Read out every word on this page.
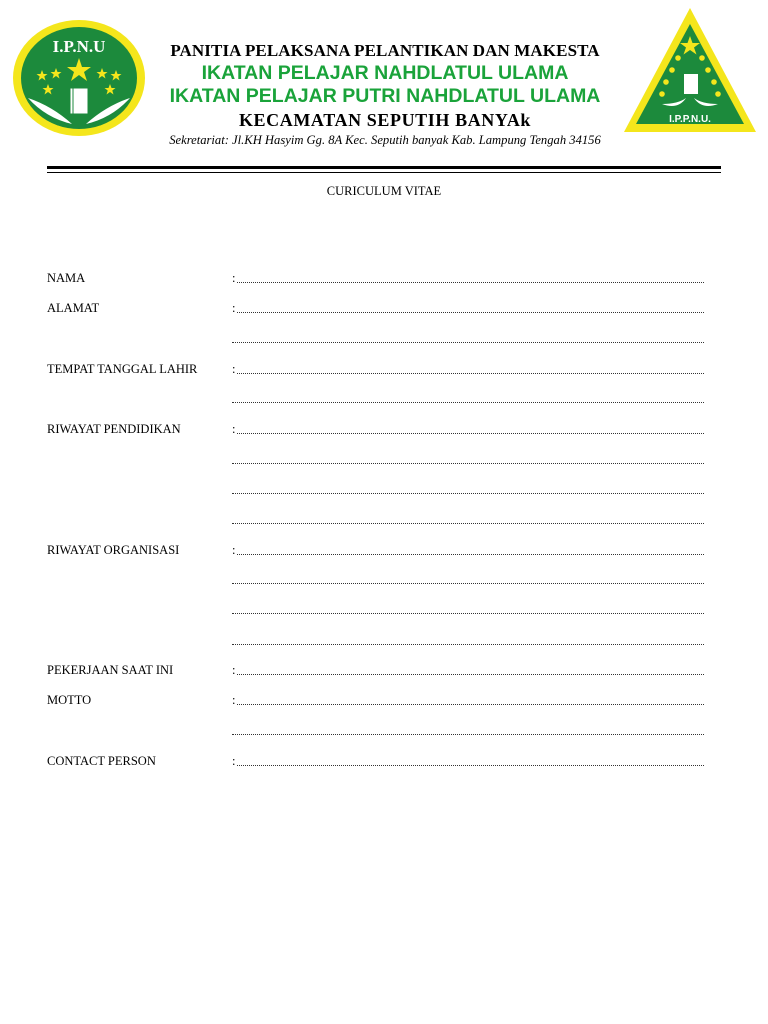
I.P.N.U
I.P.P.N.U.
PANITIA PELAKSANA PELANTIKAN DAN MAKESTA
IKATAN PELAJAR NAHDLATUL ULAMA
IKATAN PELAJAR PUTRI NAHDLATUL ULAMA
KECAMATAN SEPUTIH BANYAk
Sekretariat: Jl.KH Hasyim Gg. 8A Kec. Seputih banyak Kab. Lampung Tengah 34156
CURICULUM VITAE
NAMA	:
ALAMAT	:
TEMPAT TANGGAL LAHIR	:
RIWAYAT PENDIDIKAN	:
RIWAYAT ORGANISASI	:
PEKERJAAN SAAT INI	:
MOTTO	:
CONTACT PERSON	:
